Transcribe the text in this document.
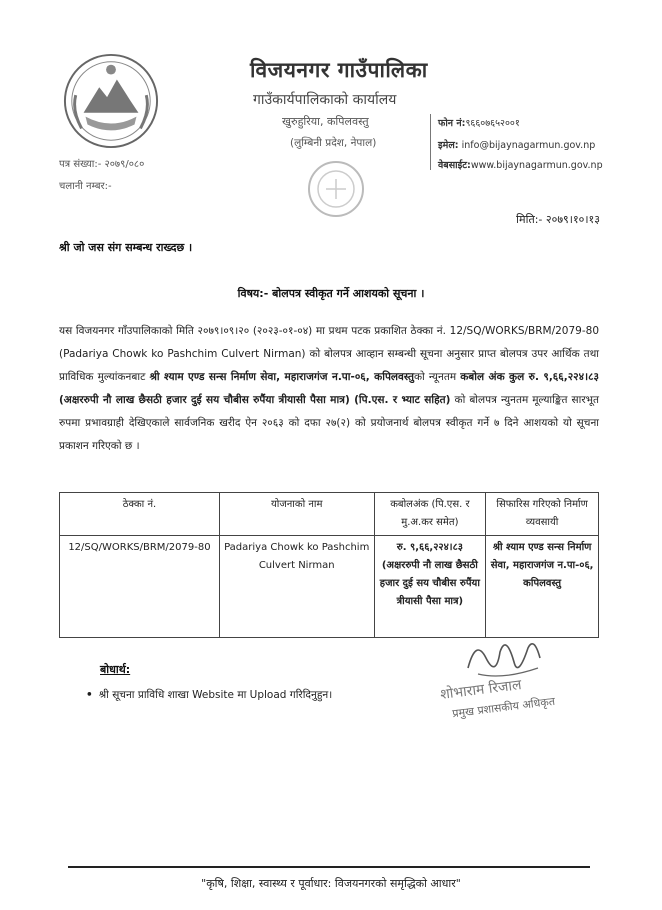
विजयनगर गाउँपालिका
गाउँकार्यपालिकाको कार्यालय
खुरुहुरिया, कपिलवस्तु
(लुम्बिनी प्रदेश, नेपाल)
फोन नं:९६६०७६५२००१
इमेल: info@bijaynagarmun.gov.np
वेबसाईट:www.bijaynagarmun.gov.np
पत्र संख्या:- २०७९/०८०
चलानी नम्बर:-
मिति:- २०७९।१०।१३
श्री जो जस संग सम्बन्ध राख्दछ ।
विषय:- बोलपत्र स्वीकृत गर्ने आशयको सूचना ।
यस विजयनगर गाँउपालिकाको मिति २०७९।०९।२० (२०२३-०१-०४) मा प्रथम पटक प्रकाशित ठेक्का नं. 12/SQ/WORKS/BRM/2079-80 (Padariya Chowk ko Pashchim Culvert Nirman) को बोलपत्र आव्हान सम्बन्धी सूचना अनुसार प्राप्त बोलपत्र उपर आर्थिक तथा प्राविधिक मुल्यांकनबाट श्री श्याम एण्ड सन्स निर्माण सेवा, महाराजगंज न.पा-०६, कपिलवस्तुको न्यूनतम कबोल अंक कुल रु. ९,६६,२२४।८३ (अक्षररुपी नौ लाख छैसठी हजार दुई सय चौबीस रुपैंया त्रीयासी पैसा मात्र) (पि.एस. र भ्याट सहित) को बोलपत्र न्युनतम मूल्याङ्कित सारभूत रुपमा प्रभावग्राही देखिएकाले सार्वजनिक खरीद ऐन २०६३ को दफा २७(२) को प्रयोजनार्थ बोलपत्र स्वीकृत गर्ने ७ दिने आशयको यो सूचना प्रकाशन गरिएको छ ।
ठेक्का नं.	योजनाको नाम	कबोलअंक (पि.एस. र मु.अ.कर समेत)	सिफारिस गरिएको निर्माण व्यवसायी
12/SQ/WORKS/BRM/2079-80	Padariya Chowk ko Pashchim Culvert Nirman	रु. ९,६६,२२४।८३ (अक्षररुपी नौ लाख छैसठी हजार दुई सय चौबीस रुपैंया त्रीयासी पैसा मात्र)	श्री श्याम एण्ड सन्स निर्माण सेवा, महाराजगंज न.पा-०६, कपिलवस्तु
बोधार्थ:
• श्री सूचना प्राविधि शाखा Website मा Upload गरिदिनुहुन।	शोभाराम रिजाल
प्रमुख प्रशासकीय अधिकृत
"कृषि, शिक्षा, स्वास्थ्य र पूर्वाधार: विजयनगरको समृद्धिको आधार"
